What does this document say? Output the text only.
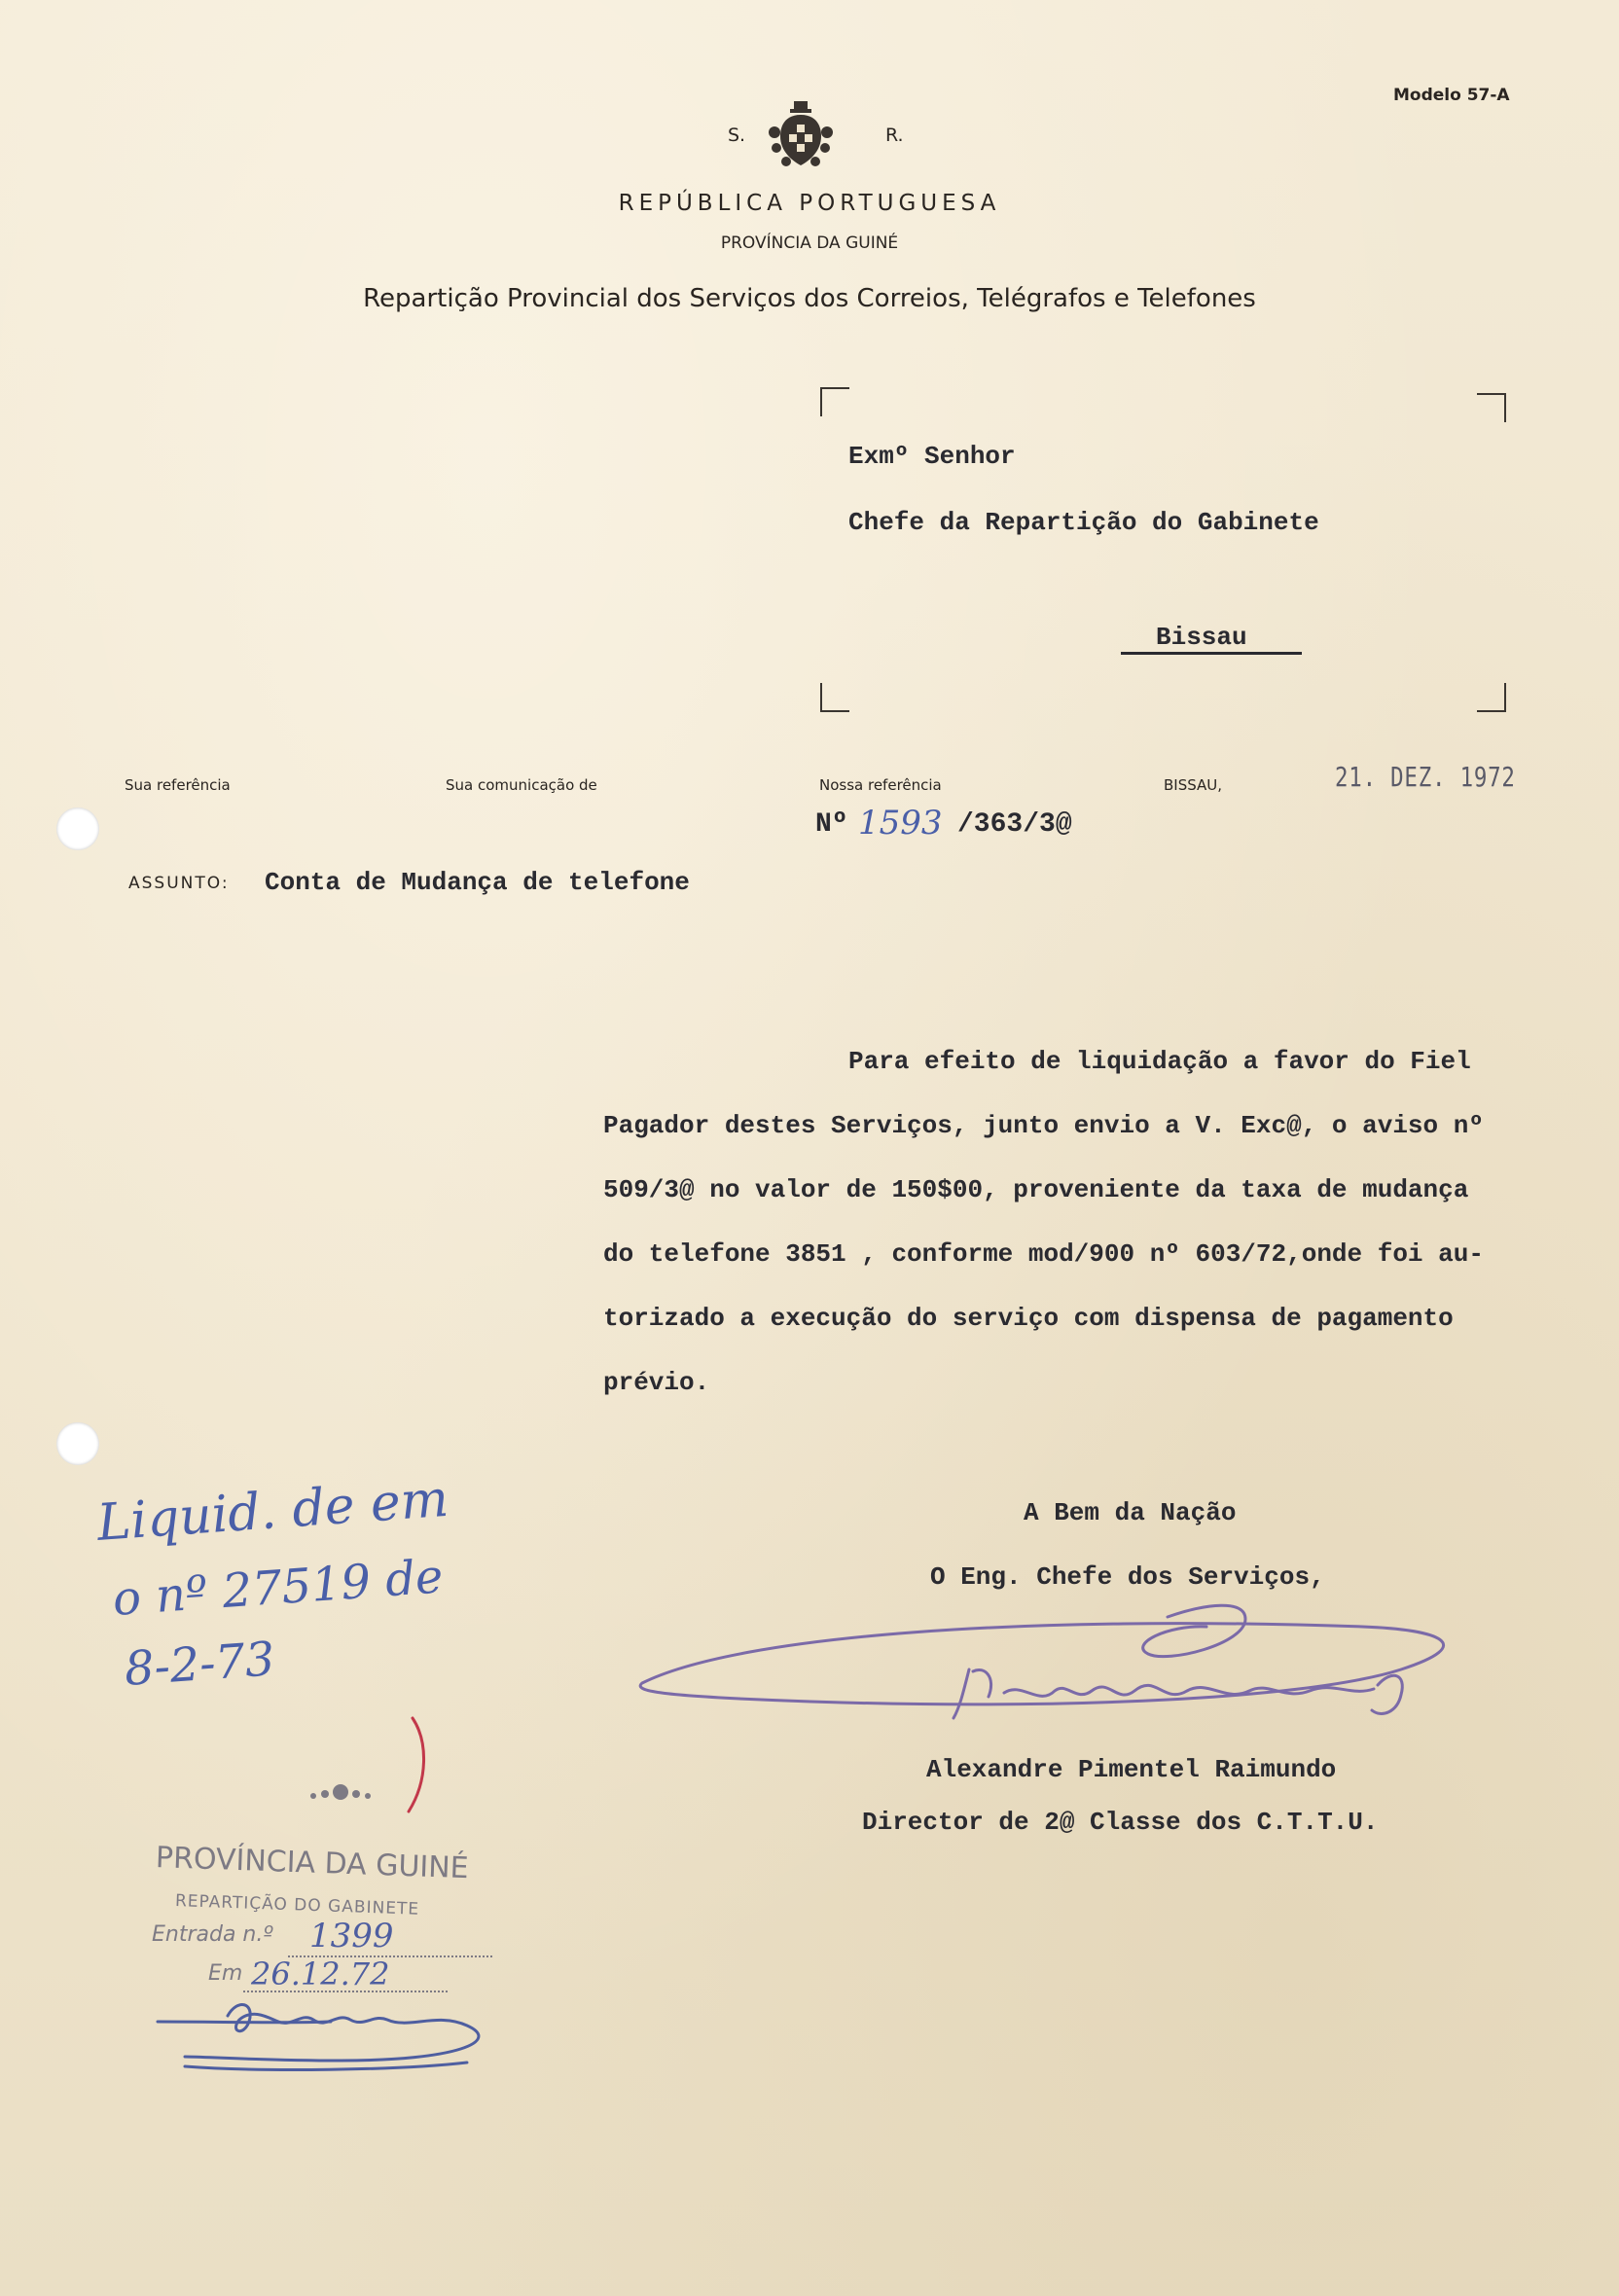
Modelo 57-A
S.	R.
REPÚBLICA PORTUGUESA
PROVÍNCIA DA GUINÉ
Repartição Provincial dos Serviços dos Correios, Telégrafos e Telefones
Exmº Senhor
Chefe da Repartição do Gabinete
Bissau
Sua referência	Sua comunicação de	Nossa referência	BISSAU,	21. DEZ. 1972
Nº 1593 /363/3@
ASSUNTO: Conta de Mudança de telefone
Para efeito de liquidação a favor do Fiel
Pagador destes Serviços, junto envio a V. Exc@, o aviso nº
509/3@ no valor de 150$00, proveniente da taxa de mudança
do telefone 3851 , conforme mod/900 nº 603/72,onde foi au-
torizado a execução do serviço com dispensa de pagamento
prévio.
A Bem da Nação
O Eng. Chefe dos Serviços,
Alexandre Pimentel Raimundo
Director de 2@ Classe dos C.T.T.U.
Liquid. de em
o nº 27519 de
8-2-73
PROVÍNCIA DA GUINÉ
REPARTIÇÃO DO GABINETE
Entrada n.º 1399
Em 26.12.72
